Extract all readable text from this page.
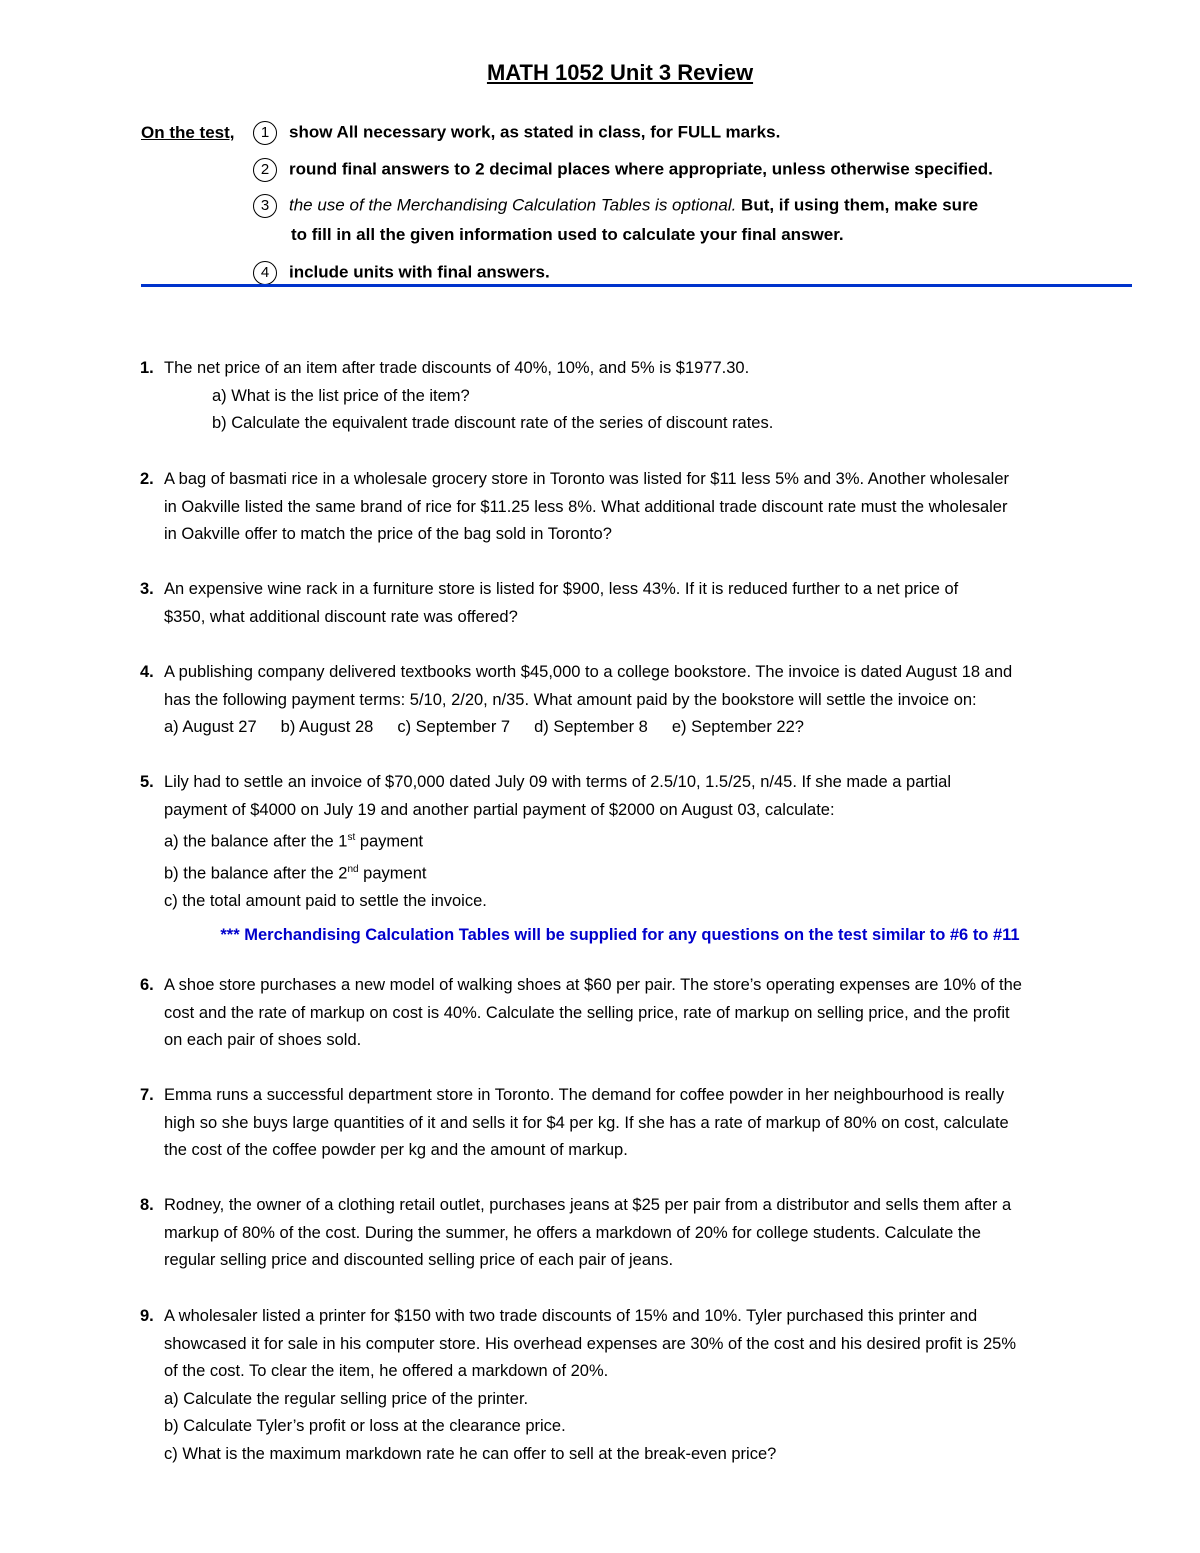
MATH 1052 Unit 3 Review
On the test,	1 show All necessary work, as stated in class, for FULL marks.
2 round final answers to 2 decimal places where appropriate, unless otherwise specified.
3 the use of the Merchandising Calculation Tables is optional. But, if using them, make sure
to fill in all the given information used to calculate your final answer.
4 include units with final answers.
1. The net price of an item after trade discounts of 40%, 10%, and 5% is $1977.30.
a) What is the list price of the item?
b) Calculate the equivalent trade discount rate of the series of discount rates.
2. A bag of basmati rice in a wholesale grocery store in Toronto was listed for $11 less 5% and 3%. Another wholesaler
in Oakville listed the same brand of rice for $11.25 less 8%. What additional trade discount rate must the wholesaler
in Oakville offer to match the price of the bag sold in Toronto?
3. An expensive wine rack in a furniture store is listed for $900, less 43%. If it is reduced further to a net price of
$350, what additional discount rate was offered?
4. A publishing company delivered textbooks worth $45,000 to a college bookstore. The invoice is dated August 18 and
has the following payment terms: 5/10, 2/20, n/35. What amount paid by the bookstore will settle the invoice on:
a) August 27 b) August 28 c) September 7 d) September 8 e) September 22?
5. Lily had to settle an invoice of $70,000 dated July 09 with terms of 2.5/10, 1.5/25, n/45. If she made a partial
payment of $4000 on July 19 and another partial payment of $2000 on August 03, calculate:
a) the balance after the 1st payment
b) the balance after the 2nd payment
c) the total amount paid to settle the invoice.
*** Merchandising Calculation Tables will be supplied for any questions on the test similar to #6 to #11
6. A shoe store purchases a new model of walking shoes at $60 per pair. The store’s operating expenses are 10% of the
cost and the rate of markup on cost is 40%. Calculate the selling price, rate of markup on selling price, and the profit
on each pair of shoes sold.
7. Emma runs a successful department store in Toronto. The demand for coffee powder in her neighbourhood is really
high so she buys large quantities of it and sells it for $4 per kg. If she has a rate of markup of 80% on cost, calculate
the cost of the coffee powder per kg and the amount of markup.
8. Rodney, the owner of a clothing retail outlet, purchases jeans at $25 per pair from a distributor and sells them after a
markup of 80% of the cost. During the summer, he offers a markdown of 20% for college students. Calculate the
regular selling price and discounted selling price of each pair of jeans.
9. A wholesaler listed a printer for $150 with two trade discounts of 15% and 10%. Tyler purchased this printer and
showcased it for sale in his computer store. His overhead expenses are 30% of the cost and his desired profit is 25%
of the cost. To clear the item, he offered a markdown of 20%.
a) Calculate the regular selling price of the printer.
b) Calculate Tyler’s profit or loss at the clearance price.
c) What is the maximum markdown rate he can offer to sell at the break-even price?
